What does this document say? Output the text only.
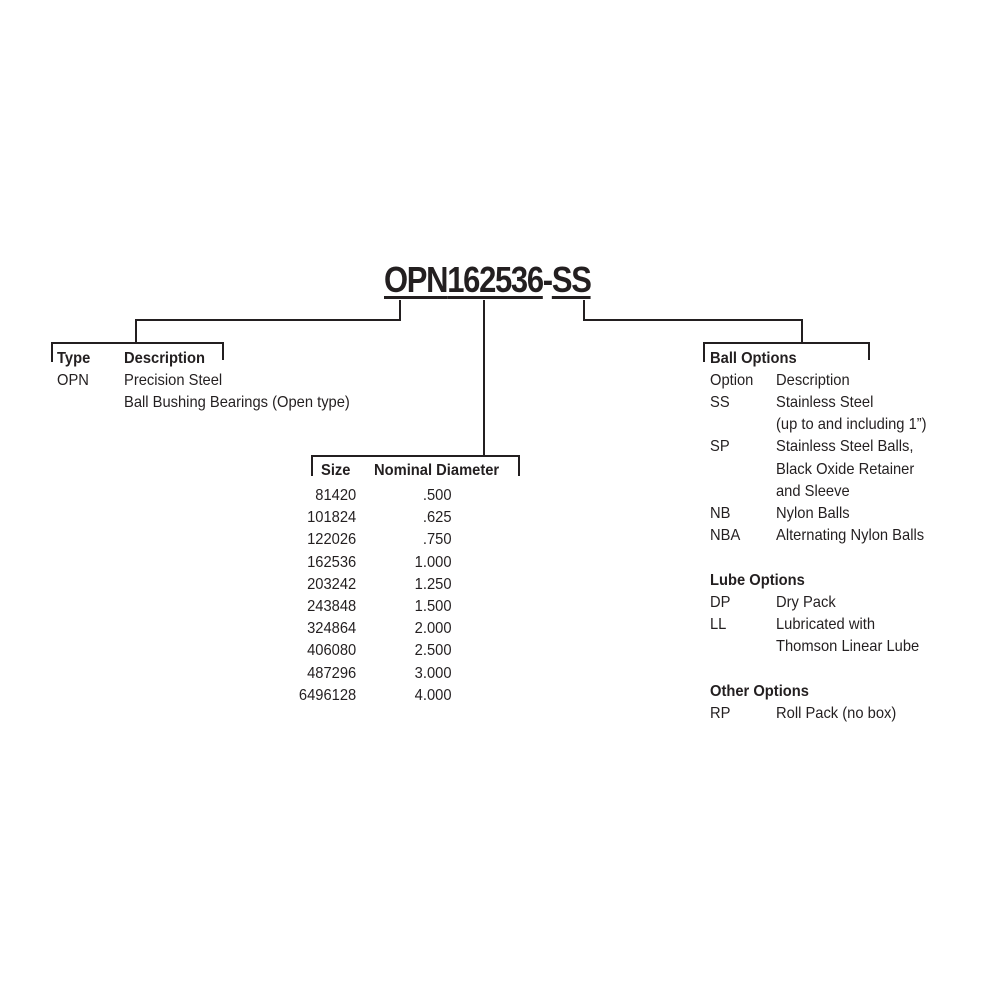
OPN162536-SS
Type Description
OPN Precision Steel
Ball Bushing Bearings (Open type)
Size Nominal Diameter
81420	.500
101824	.625
122026	.750
162536	1.000
203242	1.250
243848	1.500
324864	2.000
406080	2.500
487296	3.000
6496128	4.000
Ball Options
Option Description
SS	Stainless Steel
(up to and including 1”)
SP	Stainless Steel Balls,
Black Oxide Retainer
and Sleeve
NB	Nylon Balls
NBA Alternating Nylon Balls
Lube Options
DP	Dry Pack
LL	Lubricated with
Thomson Linear Lube
Other Options
RP	Roll Pack (no box)
